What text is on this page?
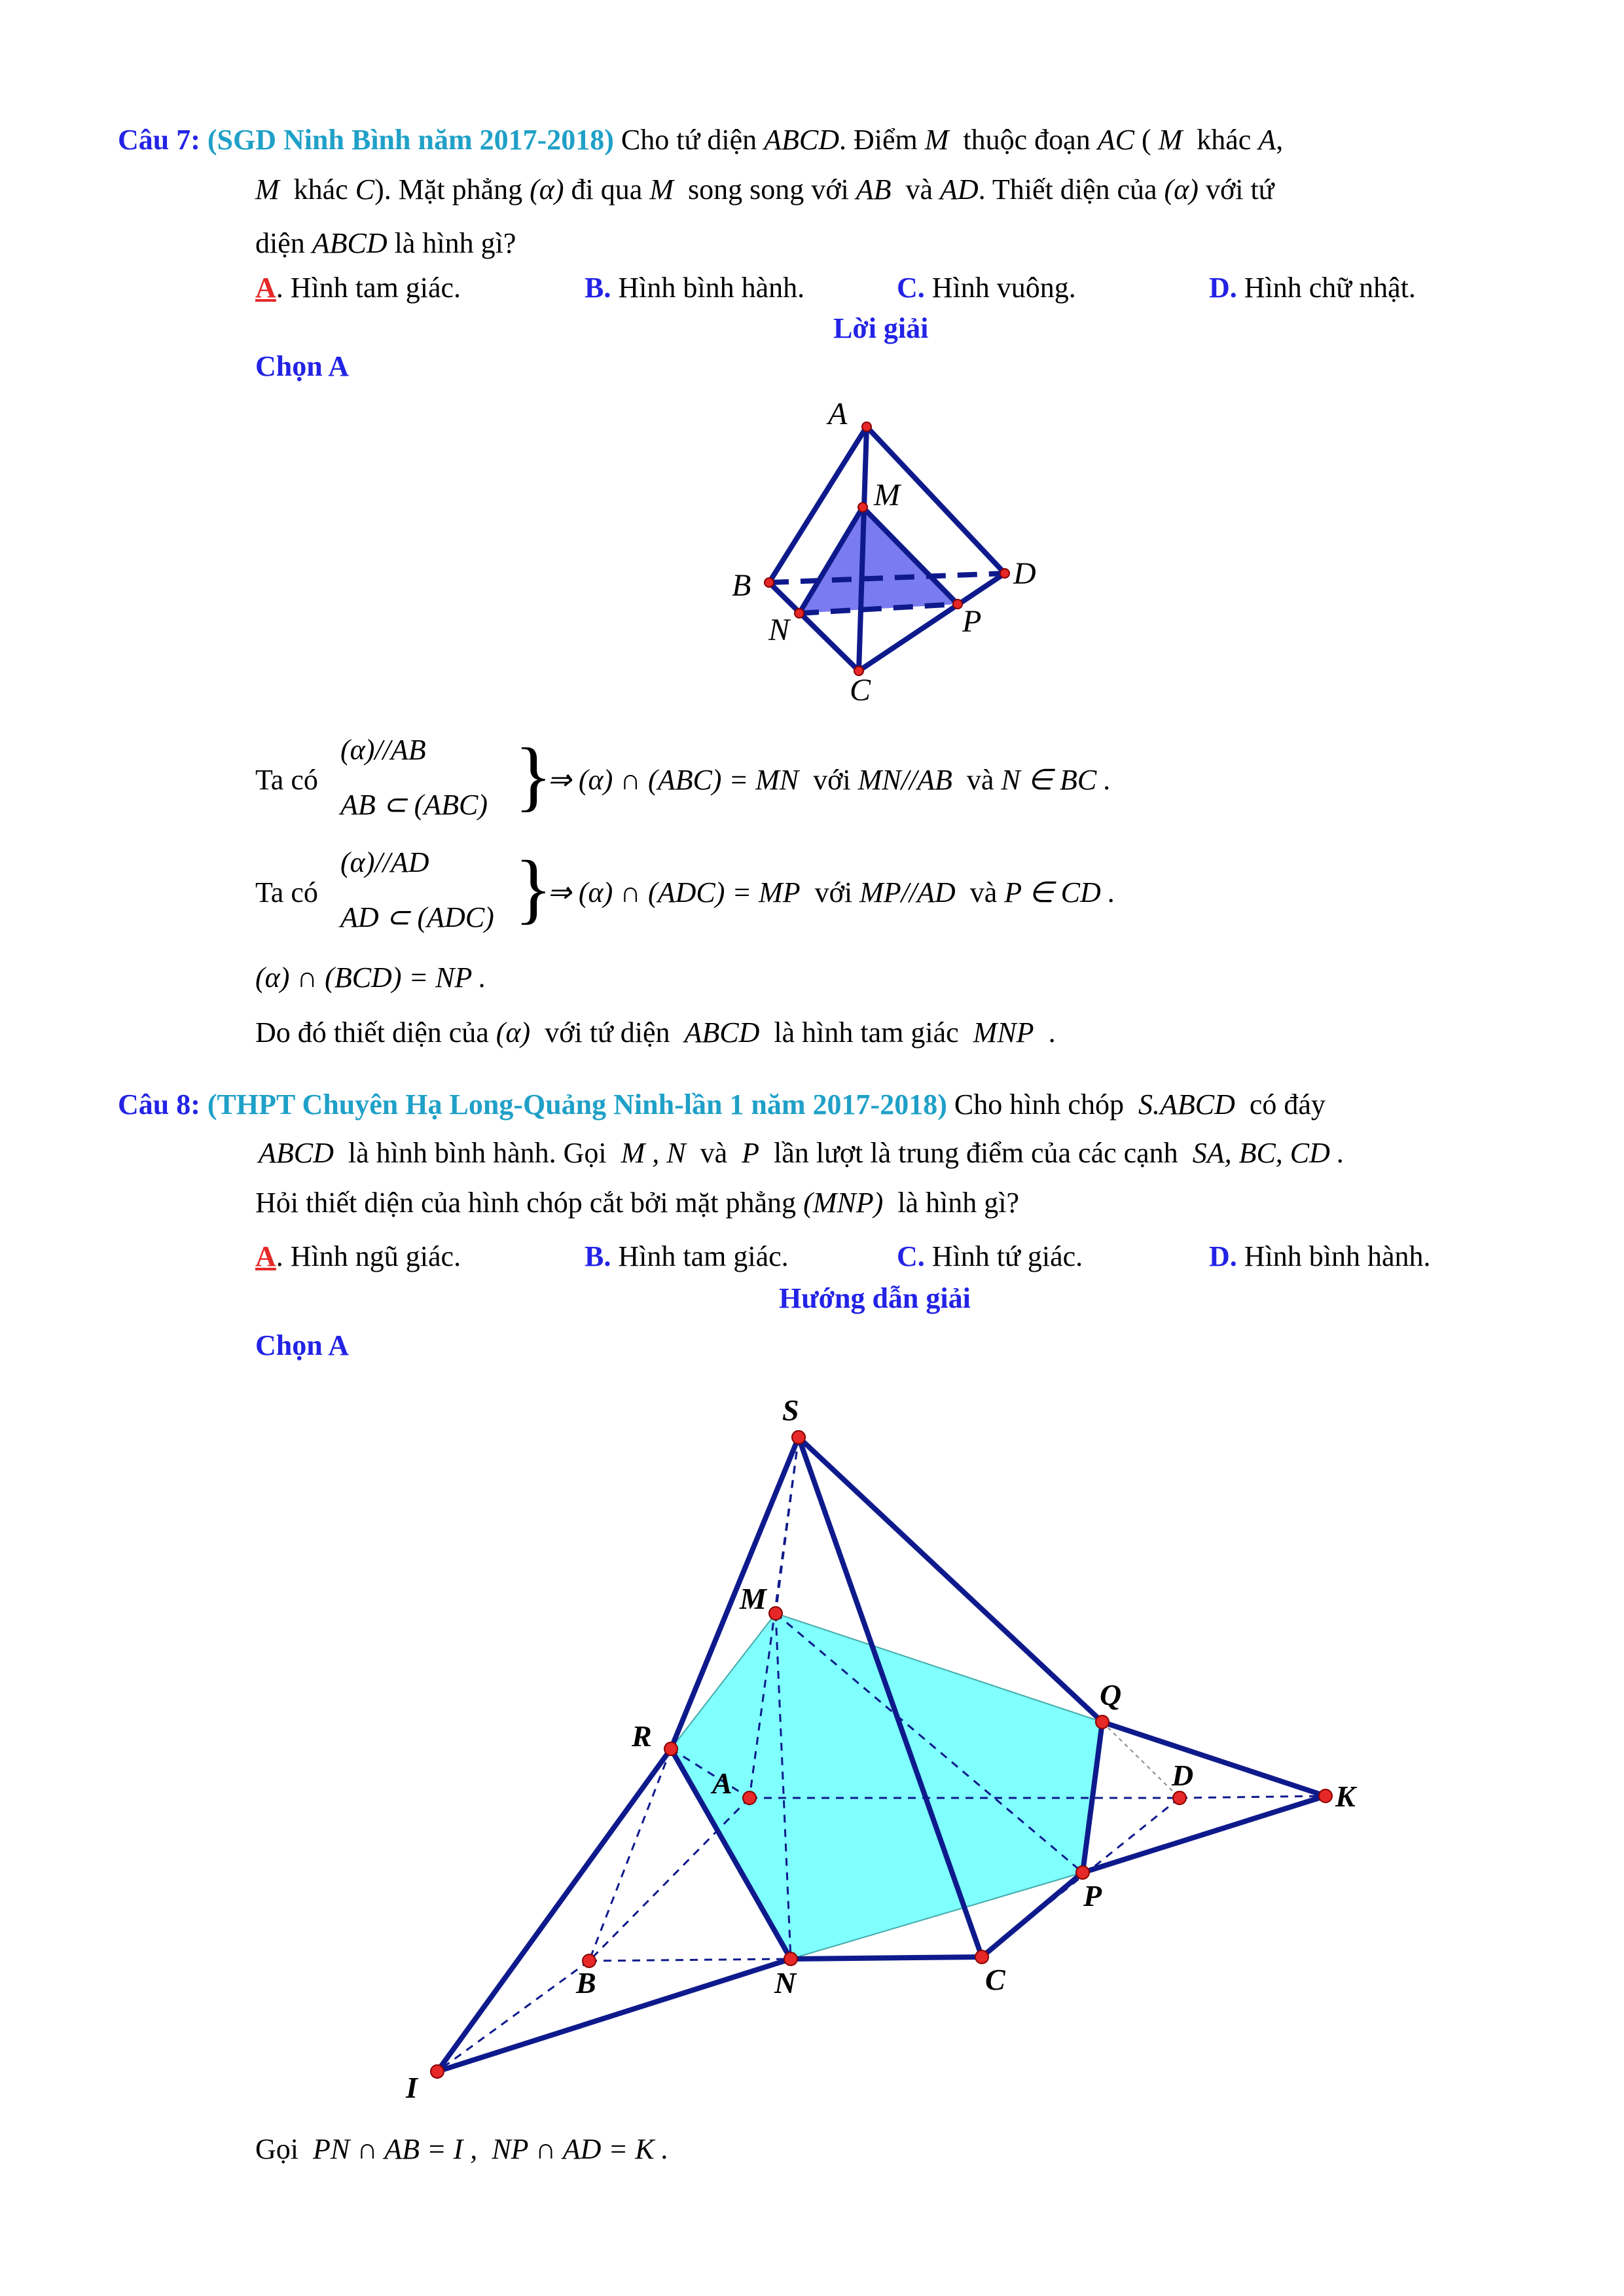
Câu 7: (SGD Ninh Bình năm 2017-2018) Cho tứ diện ABCD. Điểm M thuộc đoạn AC ( M khác A,
M khác C). Mặt phẳng (α) đi qua M song song với AB và AD. Thiết diện của (α) với tứ
diện ABCD là hình gì?
A. Hình tam giác.	B. Hình bình hành.	C. Hình vuông.	D. Hình chữ nhật.
Lời giải
Chọn A
A
M
B	D
N	P
C
Ta có
(α)//AB
AB ⊂ (ABC) }
⇒ (α) ∩ (ABC) = MN với MN//AB và N ∈ BC .
Ta có
(α)//AD
AD ⊂ (ADC) }
⇒ (α) ∩ (ADC) = MP với MP//AD và P ∈ CD .
(α) ∩ (BCD) = NP .
Do đó thiết diện của (α) với tứ diện ABCD là hình tam giác MNP .
Câu 8: (THPT Chuyên Hạ Long-Quảng Ninh-lần 1 năm 2017-2018) Cho hình chóp S.ABCD có đáy
ABCD là hình bình hành. Gọi M , N và P lần lượt là trung điểm của các cạnh SA, BC, CD .
Hỏi thiết diện của hình chóp cắt bởi mặt phẳng (MNP) là hình gì?
A. Hình ngũ giác.	B. Hình tam giác.	C. Hình tứ giác.	D. Hình bình hành.
Hướng dẫn giải
Chọn A
S
M
Q
R
A	D
K
P
B	N	C
I
Gọi PN ∩ AB = I , NP ∩ AD = K .
